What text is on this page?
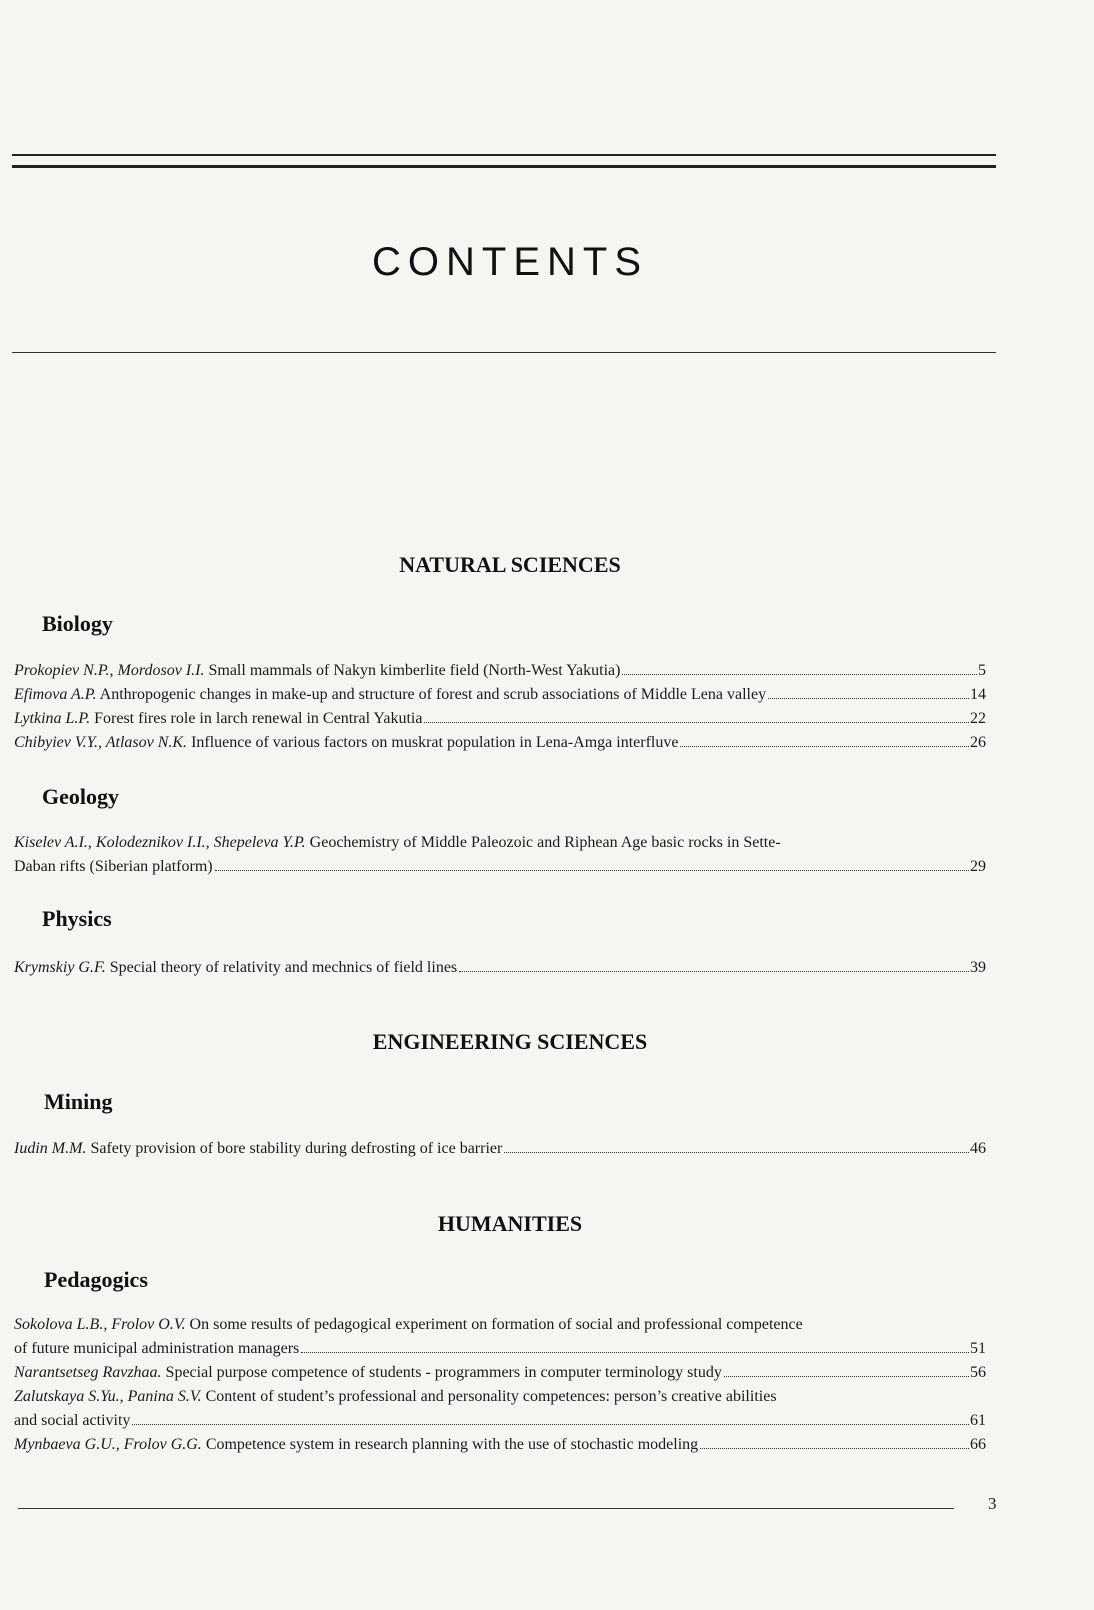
CONTENTS
NATURAL SCIENCES
Biology
Prokopiev N.P., Mordosov I.I. Small mammals of Nakyn kimberlite field (North-West Yakutia)	5
Efimova A.P. Anthropogenic changes in make-up and structure of forest and scrub associations of Middle Lena valley	14
Lytkina L.P. Forest fires role in larch renewal in Central Yakutia	22
Chibyiev V.Y., Atlasov N.K. Influence of various factors on muskrat population in Lena-Amga interfluve	26
Geology
Kiselev A.I., Kolodeznikov I.I., Shepeleva Y.P. Geochemistry of Middle Paleozoic and Riphean Age basic rocks in Sette-
Daban rifts (Siberian platform)	29
Physics
Krymskiy G.F. Special theory of relativity and mechnics of field lines	39
ENGINEERING SCIENCES
Mining
Iudin M.M. Safety provision of bore stability during defrosting of ice barrier	46
HUMANITIES
Pedagogics
Sokolova L.B., Frolov O.V. On some results of pedagogical experiment on formation of social and professional competence
of future municipal administration managers	51
Narantsetseg Ravzhaa. Special purpose competence of students - programmers in computer terminology study	56
Zalutskaya S.Yu., Panina S.V. Content of student’s professional and personality competences: person’s creative abilities
and social activity	61
Mynbaeva G.U., Frolov G.G. Competence system in research planning with the use of stochastic modeling	66
3
